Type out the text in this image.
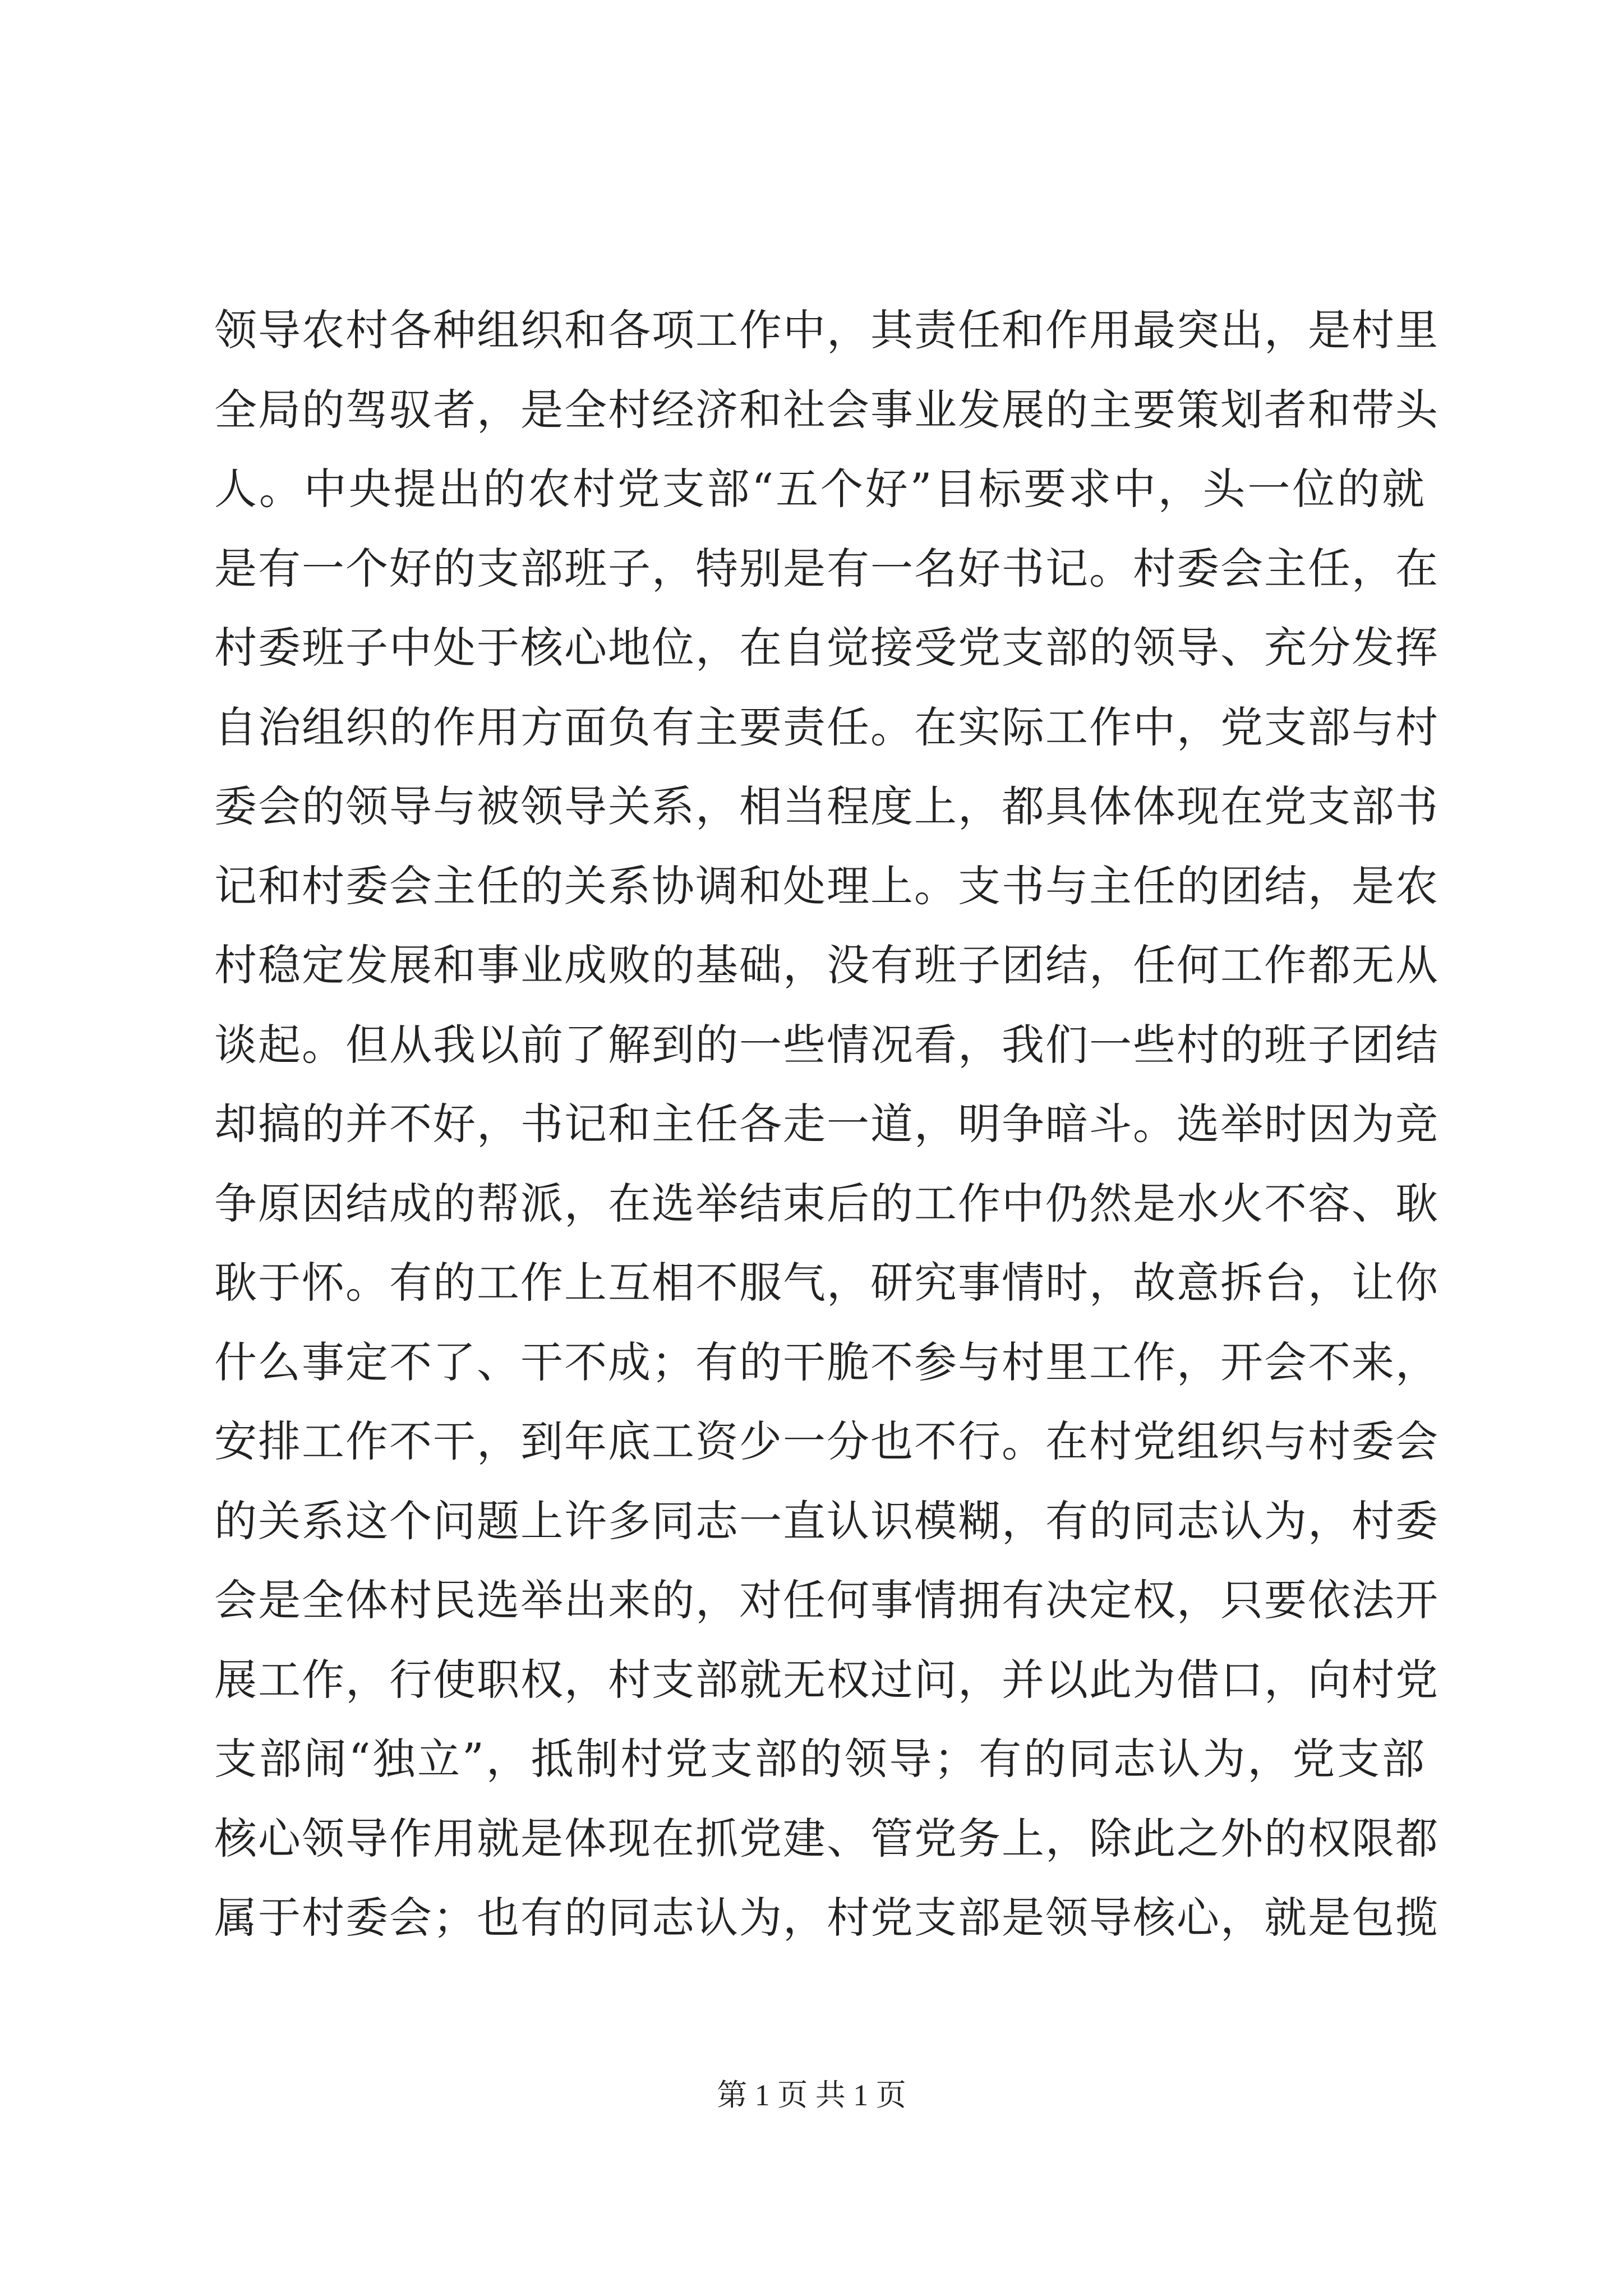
领导农村各种组织和各项工作中，其责任和作用最突出，是村里
全局的驾驭者，是全村经济和社会事业发展的主要策划者和带头
人。中央提出的农村党支部“五个好”目标要求中，头一位的就
是有一个好的支部班子，特别是有一名好书记。村委会主任，在
村委班子中处于核心地位，在自觉接受党支部的领导、充分发挥
自治组织的作用方面负有主要责任。在实际工作中，党支部与村
委会的领导与被领导关系，相当程度上，都具体体现在党支部书
记和村委会主任的关系协调和处理上。支书与主任的团结，是农
村稳定发展和事业成败的基础，没有班子团结，任何工作都无从
谈起。但从我以前了解到的一些情况看，我们一些村的班子团结
却搞的并不好，书记和主任各走一道，明争暗斗。选举时因为竞
争原因结成的帮派，在选举结束后的工作中仍然是水火不容、耿
耿于怀。有的工作上互相不服气，研究事情时，故意拆台，让你
什么事定不了、干不成；有的干脆不参与村里工作，开会不来，
安排工作不干，到年底工资少一分也不行。在村党组织与村委会
的关系这个问题上许多同志一直认识模糊，有的同志认为，村委
会是全体村民选举出来的，对任何事情拥有决定权，只要依法开
展工作，行使职权，村支部就无权过问，并以此为借口，向村党
支部闹“独立”，抵制村党支部的领导；有的同志认为，党支部
核心领导作用就是体现在抓党建、管党务上，除此之外的权限都
属于村委会；也有的同志认为，村党支部是领导核心，就是包揽
第 1 页 共 1 页
